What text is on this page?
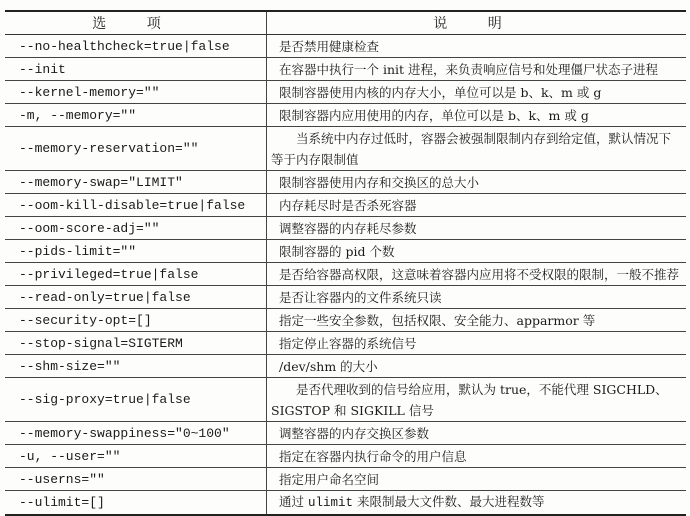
选 项	说 明
--no-healthcheck=true|false	是否禁用健康检查
--init	在容器中执行一个 init 进程，来负责响应信号和处理僵尸状态子进程
--kernel-memory=""	限制容器使用内核的内存大小，单位可以是 b、k、m 或 g
-m, --memory=""	限制容器内应用使用的内存，单位可以是 b、k、m 或 g
--memory-reservation=""	当系统中内存过低时，容器会被强制限制内存到给定值，默认情况下等于内存限制值
--memory-swap="LIMIT"	限制容器使用内存和交换区的总大小
--oom-kill-disable=true|false	内存耗尽时是否杀死容器
--oom-score-adj=""	调整容器的内存耗尽参数
--pids-limit=""	限制容器的 pid 个数
--privileged=true|false	是否给容器高权限，这意味着容器内应用将不受权限的限制，一般不推荐
--read-only=true|false	是否让容器内的文件系统只读
--security-opt=[]	指定一些安全参数，包括权限、安全能力、apparmor 等
--stop-signal=SIGTERM	指定停止容器的系统信号
--shm-size=""	/dev/shm 的大小
--sig-proxy=true|false	是否代理收到的信号给应用，默认为 true，不能代理 SIGCHLD、SIGSTOP 和 SIGKILL 信号
--memory-swappiness="0~100"	调整容器的内存交换区参数
-u, --user=""	指定在容器内执行命令的用户信息
--userns=""	指定用户命名空间
--ulimit=[]	通过 ulimit 来限制最大文件数、最大进程数等
